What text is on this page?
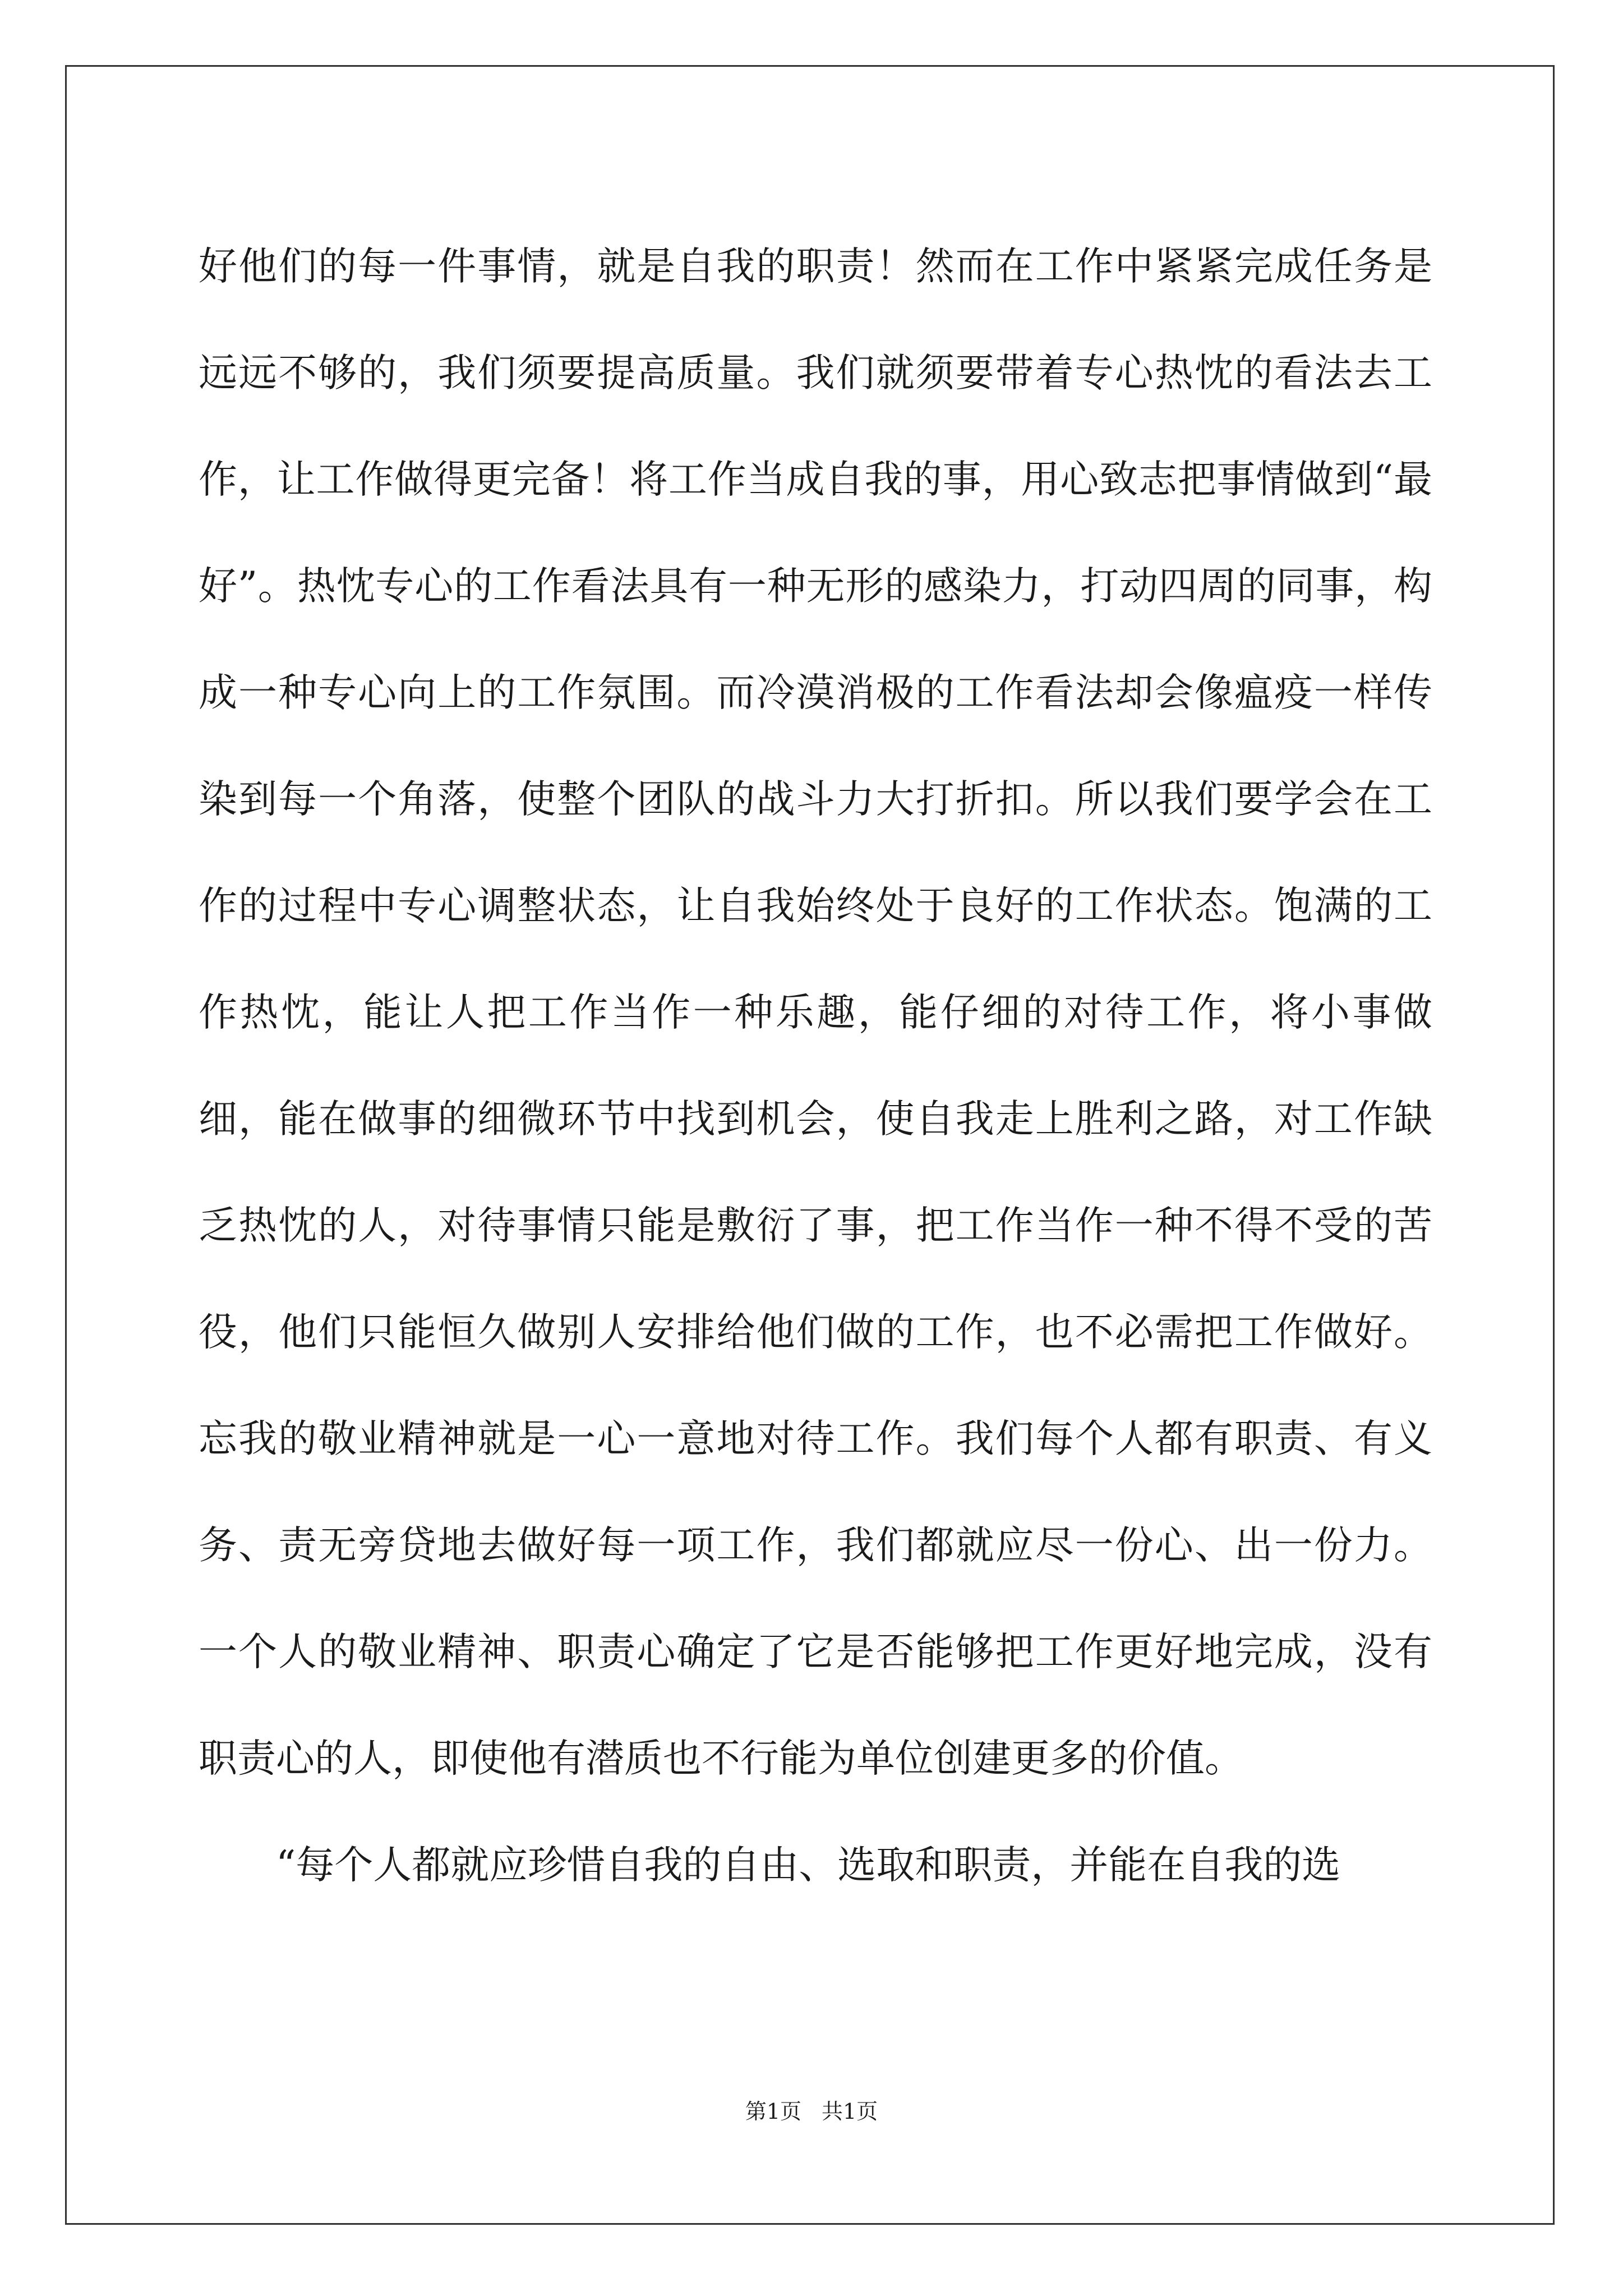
好他们的每一件事情，就是自我的职责！然而在工作中紧紧完成任务是远远不够的，我们须要提高质量。我们就须要带着专心热忱的看法去工作，让工作做得更完备！将工作当成自我的事，用心致志把事情做到“最好”。热忱专心的工作看法具有一种无形的感染力，打动四周的同事，构成一种专心向上的工作氛围。而冷漠消极的工作看法却会像瘟疫一样传染到每一个角落，使整个团队的战斗力大打折扣。所以我们要学会在工作的过程中专心调整状态，让自我始终处于良好的工作状态。饱满的工作热忱，能让人把工作当作一种乐趣，能仔细的对待工作，将小事做细，能在做事的细微环节中找到机会，使自我走上胜利之路，对工作缺乏热忱的人，对待事情只能是敷衍了事，把工作当作一种不得不受的苦役，他们只能恒久做别人安排给他们做的工作，也不必需把工作做好。忘我的敬业精神就是一心一意地对待工作。我们每个人都有职责、有义务、责无旁贷地去做好每一项工作，我们都就应尽一份心、出一份力。一个人的敬业精神、职责心确定了它是否能够把工作更好地完成，没有职责心的人，即使他有潜质也不行能为单位创建更多的价值。

“每个人都就应珍惜自我的自由、选取和职责，并能在自我的选

第1页 共1页
